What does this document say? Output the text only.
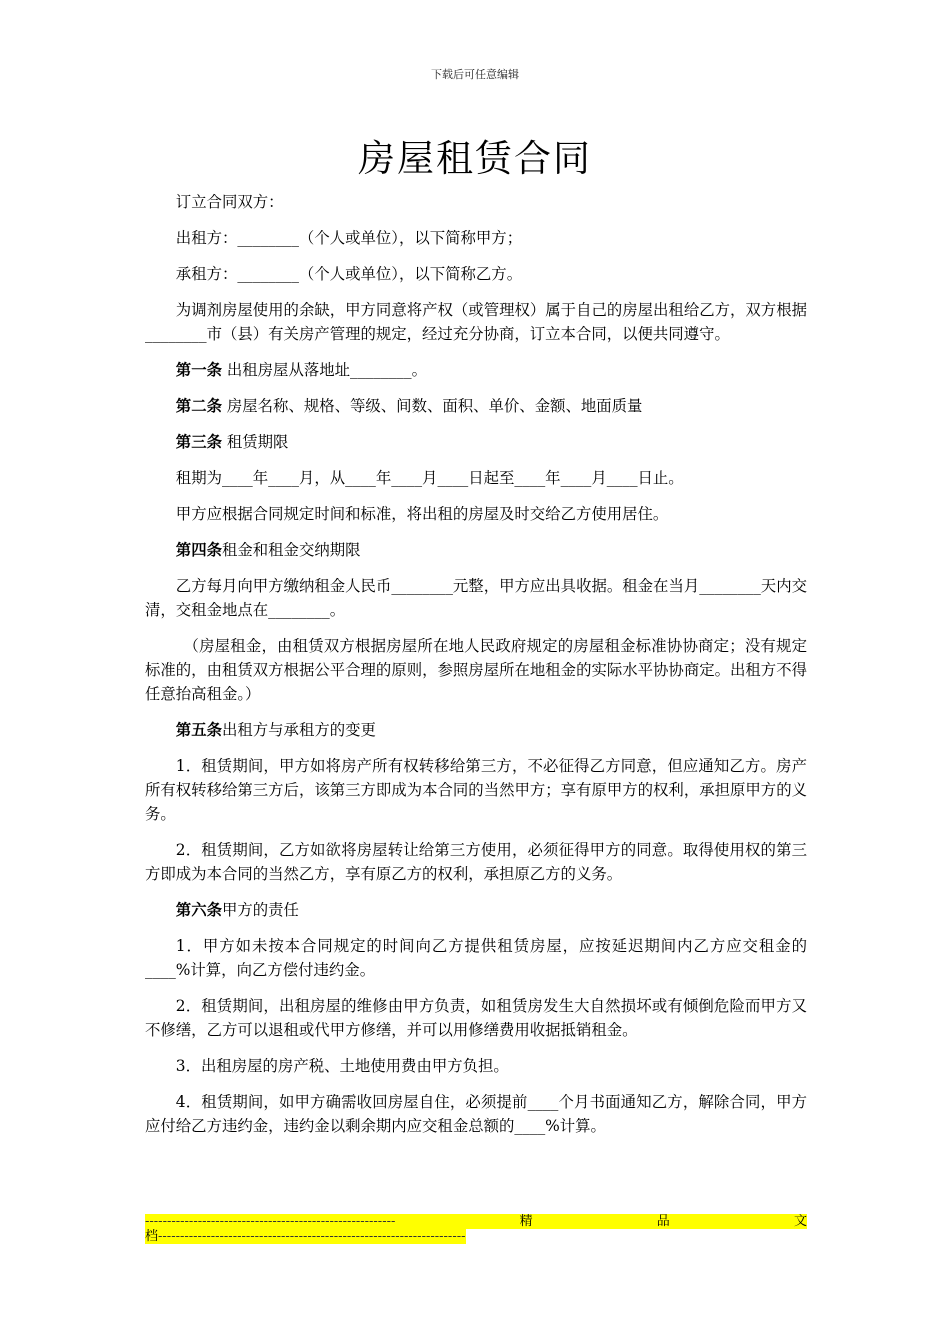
下载后可任意编辑
房屋租赁合同

订立合同双方：

出租方：________（个人或单位），以下简称甲方；

承租方：________（个人或单位），以下简称乙方。

为调剂房屋使用的余缺，甲方同意将产权（或管理权）属于自己的房屋出租给乙方，双方根据________市（县）有关房产管理的规定，经过充分协商，订立本合同，以便共同遵守。

第一条 出租房屋从落地址________。

第二条 房屋名称、规格、等级、间数、面积、单价、金额、地面质量

第三条 租赁期限

租期为____年____月，从____年____月____日起至____年____月____日止。

甲方应根据合同规定时间和标准，将出租的房屋及时交给乙方使用居住。

第四条租金和租金交纳期限

乙方每月向甲方缴纳租金人民币________元整，甲方应出具收据。租金在当月________天内交清，交租金地点在________。

（房屋租金，由租赁双方根据房屋所在地人民政府规定的房屋租金标准协协商定；没有规定标准的，由租赁双方根据公平合理的原则，参照房屋所在地租金的实际水平协协商定。出租方不得任意抬高租金。）

第五条出租方与承租方的变更

1．租赁期间，甲方如将房产所有权转移给第三方，不必征得乙方同意，但应通知乙方。房产所有权转移给第三方后，该第三方即成为本合同的当然甲方；享有原甲方的权利，承担原甲方的义务。

2．租赁期间，乙方如欲将房屋转让给第三方使用，必须征得甲方的同意。取得使用权的第三方即成为本合同的当然乙方，享有原乙方的权利，承担原乙方的义务。

第六条甲方的责任

1．甲方如未按本合同规定的时间向乙方提供租赁房屋，应按延迟期间内乙方应交租金的____%计算，向乙方偿付违约金。

2．租赁期间，出租房屋的维修由甲方负责，如租赁房发生大自然损坏或有倾倒危险而甲方又不修缮，乙方可以退租或代甲方修缮，并可以用修缮费用收据抵销租金。

3．出租房屋的房产税、土地使用费由甲方负担。

4．租赁期间，如甲方确需收回房屋自住，必须提前____个月书面通知乙方，解除合同，甲方应付给乙方违约金，违约金以剩余期内应交租金总额的____%计算。

---------------------------------------------------------	精	品	文
档----------------------------------------------------------------------
